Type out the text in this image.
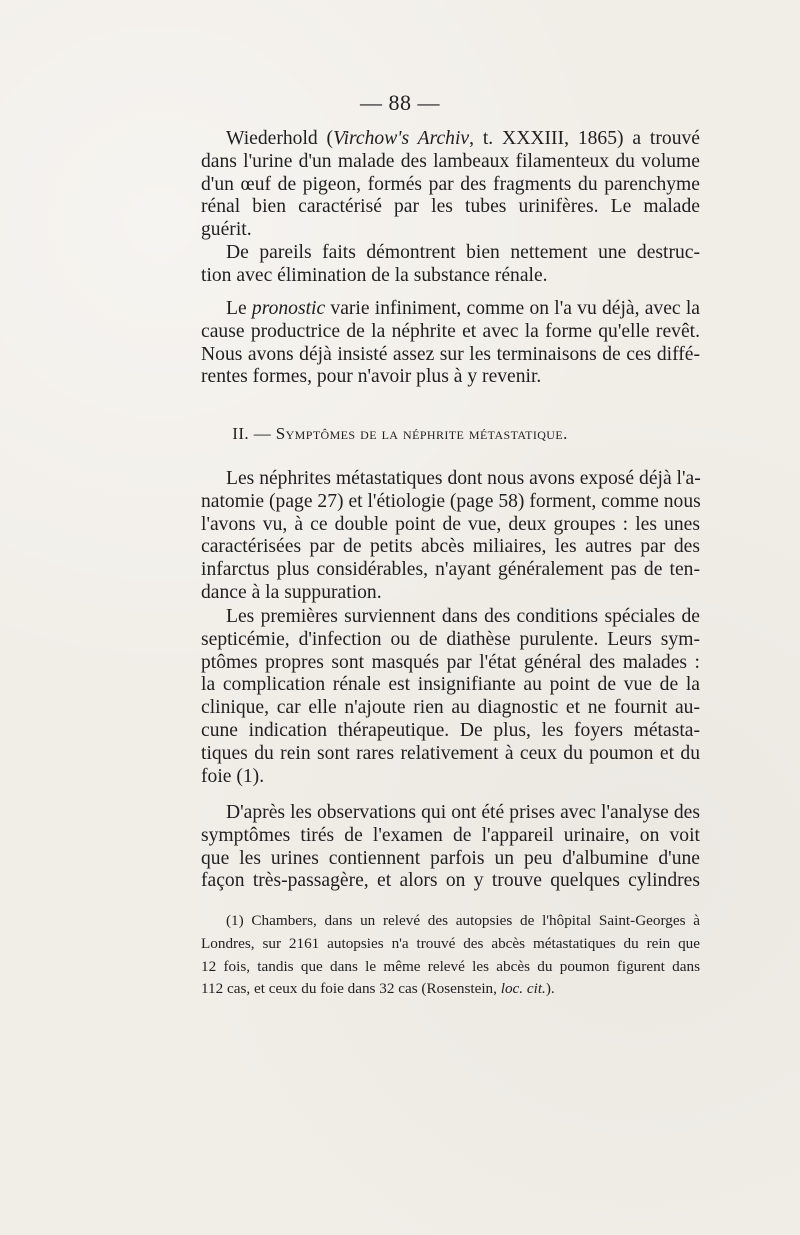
— 88 —
Wiederhold (Virchow's Archiv, t. XXXIII, 1865) a trouvé
dans l'urine d'un malade des lambeaux filamenteux du volume
d'un œuf de pigeon, formés par des fragments du parenchyme
rénal bien caractérisé par les tubes urinifères. Le malade
guérit.
De pareils faits démontrent bien nettement une destruc-
tion avec élimination de la substance rénale.
Le pronostic varie infiniment, comme on l'a vu déjà, avec la
cause productrice de la néphrite et avec la forme qu'elle revêt.
Nous avons déjà insisté assez sur les terminaisons de ces diffé-
rentes formes, pour n'avoir plus à y revenir.
II. — Symptômes de la néphrite métastatique.
Les néphrites métastatiques dont nous avons exposé déjà l'a-
natomie (page 27) et l'étiologie (page 58) forment, comme nous
l'avons vu, à ce double point de vue, deux groupes : les unes
caractérisées par de petits abcès miliaires, les autres par des
infarctus plus considérables, n'ayant généralement pas de ten-
dance à la suppuration.
Les premières surviennent dans des conditions spéciales de
septicémie, d'infection ou de diathèse purulente. Leurs sym-
ptômes propres sont masqués par l'état général des malades :
la complication rénale est insignifiante au point de vue de la
clinique, car elle n'ajoute rien au diagnostic et ne fournit au-
cune indication thérapeutique. De plus, les foyers métasta-
tiques du rein sont rares relativement à ceux du poumon et du
foie (1).
D'après les observations qui ont été prises avec l'analyse des
symptômes tirés de l'examen de l'appareil urinaire, on voit
que les urines contiennent parfois un peu d'albumine d'une
façon très-passagère, et alors on y trouve quelques cylindres
(1) Chambers, dans un relevé des autopsies de l'hôpital Saint-Georges à
Londres, sur 2161 autopsies n'a trouvé des abcès métastatiques du rein que
12 fois, tandis que dans le même relevé les abcès du poumon figurent dans
112 cas, et ceux du foie dans 32 cas (Rosenstein, loc. cit.).
